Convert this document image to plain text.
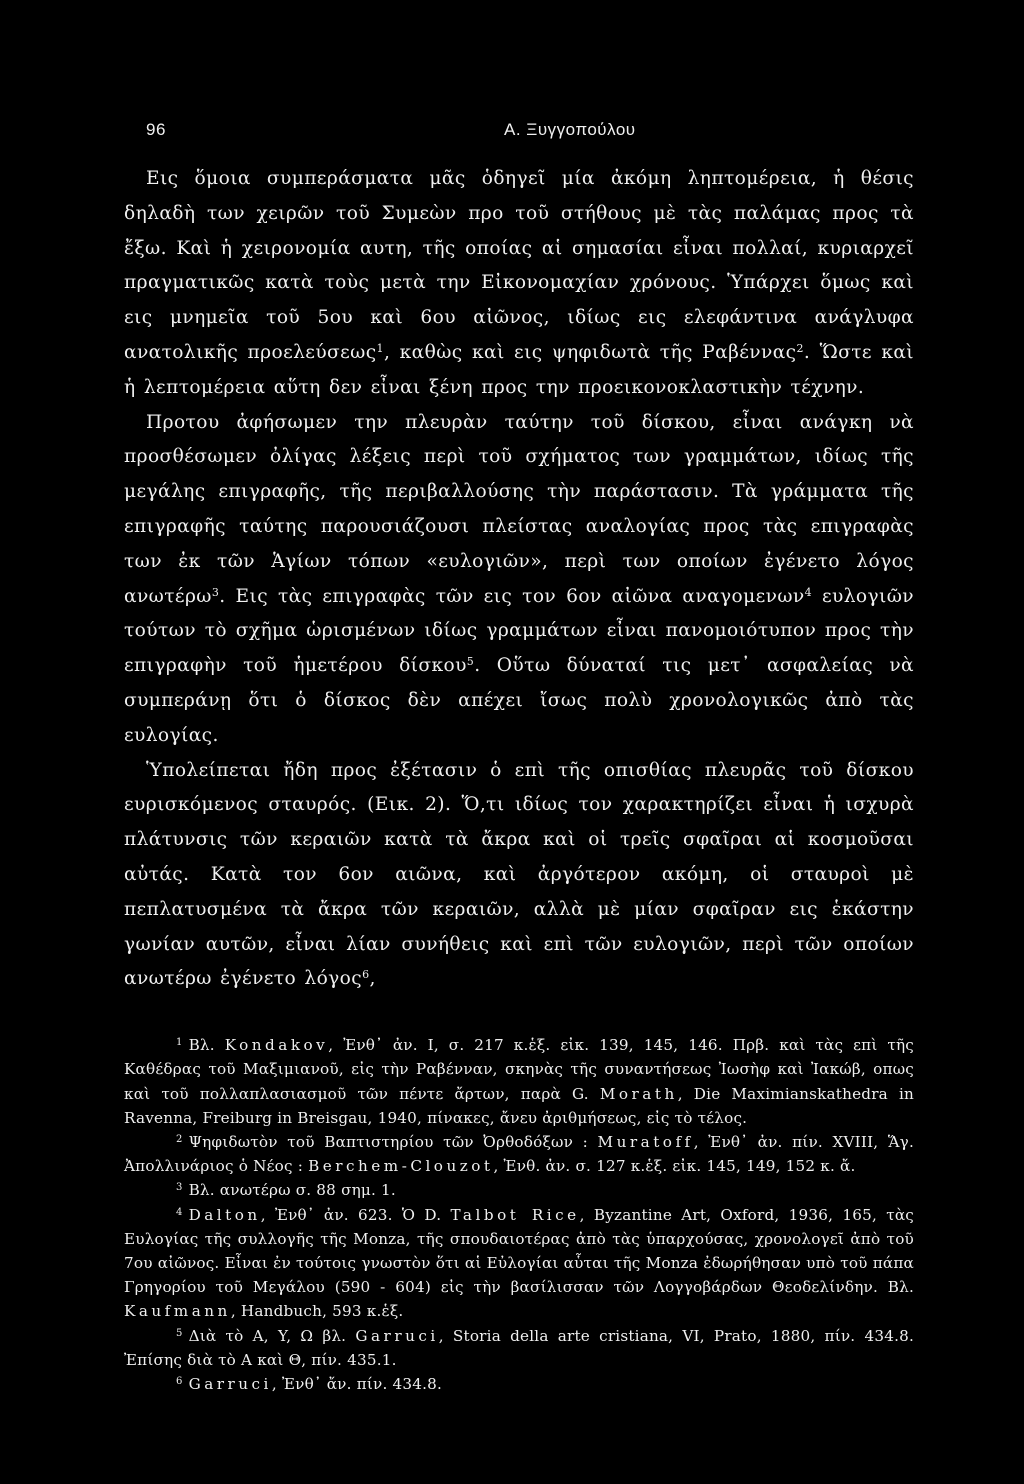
96	Α. Ξυγγοπούλου

Εις ὅμοια συμπεράσματα μᾶς ὁδηγεῖ μία ἀκόμη ληπτομέρεια, ἡ θέσις δηλαδὴ των χειρῶν τοῦ Συμεὼν προ τοῦ στήθους μὲ τὰς παλάμας προς τὰ ἔξω. Καὶ ἡ χειρονομία αυτη, τῆς οποίας αἱ σημασίαι εἶναι πολλαί, κυριαρχεῖ πραγματικῶς κατὰ τοὺς μετὰ την Εἰκονομαχίαν χρόνους. Ὑπάρχει ὅμως καὶ εις μνημεῖα τοῦ 5ου καὶ 6ου αἰῶνος, ιδίως εις ελεφάντινα ανάγλυφα ανατολικῆς προελεύσεως$^1$, καθὼς καὶ εις ψηφιδωτὰ τῆς Ραβέννας$^2$. Ὥστε καὶ ἡ λεπτομέρεια αὕτη δεν εἶναι ξένη προς την προεικονοκλαστικὴν τέχνην.

Προτου ἀφήσωμεν την πλευρὰν ταύτην τοῦ δίσκου, εἶναι ανάγκη νὰ προσθέσωμεν ὀλίγας λέξεις περὶ τοῦ σχήματος των γραμμάτων, ιδίως τῆς μεγάλης επιγραφῆς, τῆς περιβαλλούσης τὴν παράστασιν. Τὰ γράμματα τῆς επιγραφῆς ταύτης παρουσιάζουσι πλείστας αναλογίας προς τὰς επιγραφὰς των ἐκ τῶν Ἁγίων τόπων «ευλογιῶν», περὶ των οποίων ἐγένετο λόγος ανωτέρω$^3$. Εις τὰς επιγραφὰς τῶν εις τον 6ον αἰῶνα αναγομενων$^4$ ευλογιῶν τούτων τὸ σχῆμα ὡρισμένων ιδίως γραμμάτων εἶναι πανομοιότυπον προς τὴν επιγραφὴν τοῦ ἡμετέρου δίσκου$^5$. Οὕτω δύναταί τις μετ᾽ ασφαλείας νὰ συμπεράνῃ ὅτι ὁ δίσκος δὲν απέχει ἴσως πολὺ χρονολογικῶς ἀπὸ τὰς ευλογίας.

Ὑπολείπεται ἤδη προς ἐξέτασιν ὁ επὶ τῆς οπισθίας πλευρᾶς τοῦ δίσκου ευρισκόμενος σταυρός. (Εικ. 2). Ὅ,τι ιδίως τον χαρακτηρίζει εἶναι ἡ ισχυρὰ πλάτυνσις τῶν κεραιῶν κατὰ τὰ ἄκρα καὶ οἱ τρεῖς σφαῖραι αἱ κοσμοῦσαι αὐτάς. Κατὰ τον 6ον αιῶνα, καὶ ἀργότερον ακόμη, οἱ σταυροὶ μὲ πεπλατυσμένα τὰ ἄκρα τῶν κεραιῶν, αλλὰ μὲ μίαν σφαῖραν εις ἑκάστην γωνίαν αυτῶν, εἶναι λίαν συνήθεις καὶ επὶ τῶν ευλογιῶν, περὶ τῶν οποίων ανωτέρω ἐγένετο λόγος$^6$,

$^1$ Βλ. Kondakov, Ἐνθ᾽ ἀν. I, σ. 217 κ.ἑξ. εἰκ. 139, 145, 146. Πρβ. καὶ τὰς επὶ τῆς Καθέδρας τοῦ Μαξιμιανοῦ, εἰς τὴν Ραβένναν, σκηνὰς τῆς συναντήσεως Ἰωσὴφ καὶ Ἰακώβ, οπως καὶ τοῦ πολλαπλασιασμοῦ τῶν πέντε ἄρτων, παρὰ G. Morath, Die Maximianskathedra in Ravenna, Freiburg in Breisgau, 1940, πίνακες, ἄνευ ἀριθμήσεως, εἰς τὸ τέλος.

$^2$ Ψηφιδωτὸν τοῦ Βαπτιστηρίου τῶν Ὀρθοδόξων : Muratoff, Ἐνθ᾽ ἀν. πίν. XVIII, Ἅγ. Ἀπολλινάριος ὁ Νέος : Berchem-Clouzot, Ἐνθ. ἀν. σ. 127 κ.ἑξ. εἰκ. 145, 149, 152 κ. ἄ.

$^3$ Βλ. ανωτέρω σ. 88 σημ. 1.

$^4$ Dalton, Ἐνθ᾽ ἀν. 623. Ὁ D. Talbot Rice, Byzantine Art, Oxford, 1936, 165, τὰς Ευλογίας τῆς συλλογῆς τῆς Monza, τῆς σπουδαιοτέρας ἀπὸ τὰς ὑπαρχούσας, χρονολογεῖ ἀπὸ τοῦ 7ου αἰῶνος. Εἶναι ἐν τούτοις γνωστὸν ὅτι αἱ Εὐλογίαι αὗται τῆς Monza ἐδωρήθησαν υπὸ τοῦ πάπα Γρηγορίου τοῦ Μεγάλου (590 - 604) εἰς τὴν βασίλισσαν τῶν Λογγοβάρδων Θεοδελίνδην. Βλ. Kaufmann, Handbuch, 593 κ.ἑξ.

$^5$ Διὰ τὸ A, Y, Ω βλ. Garruci, Storia della arte cristiana, VI, Prato, 1880, πίν. 434.8. Ἐπίσης διὰ τὸ A καὶ Θ, πίν. 435.1.

$^6$ Garruci, Ἐνθ᾽ ἄν. πίν. 434.8.
